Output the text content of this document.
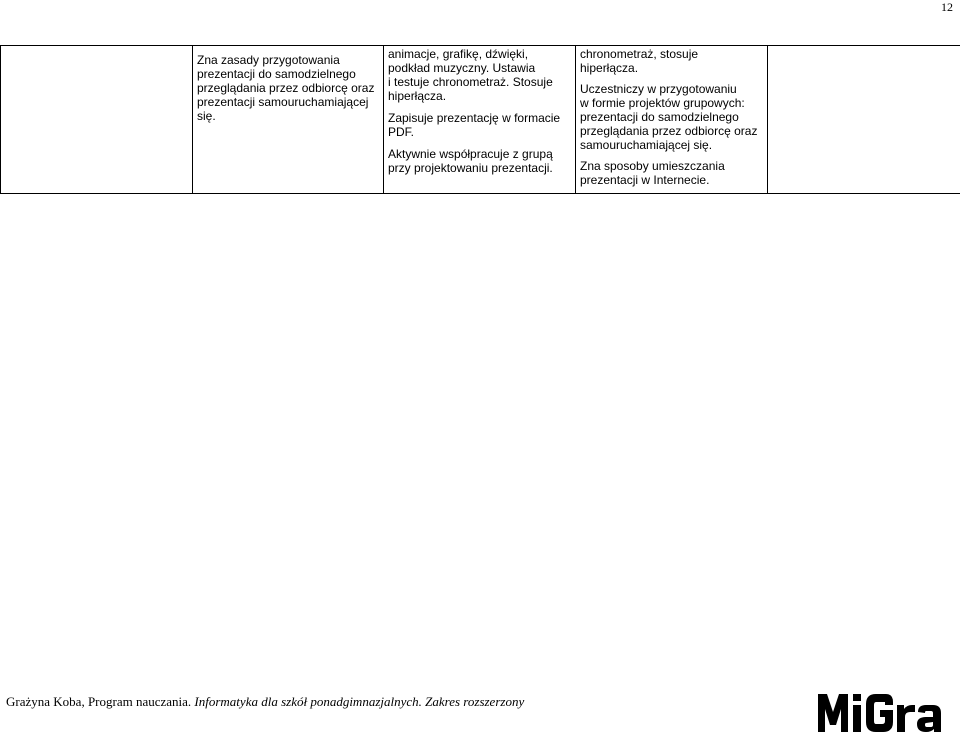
12

Zna zasady przygotowania
prezentacji do samodzielnego
przeglądania przez odbiorcę oraz
prezentacji samouruchamiającej
się.

animacje, grafikę, dźwięki,
podkład muzyczny. Ustawia
i testuje chronometraż. Stosuje
hiperłącza.
Zapisuje prezentację w formacie
PDF.
Aktywnie współpracuje z grupą
przy projektowaniu prezentacji.

chronometraż, stosuje
hiperłącza.
Uczestniczy w przygotowaniu
w formie projektów grupowych:
prezentacji do samodzielnego
przeglądania przez odbiorcę oraz
samouruchamiającej się.
Zna sposoby umieszczania
prezentacji w Internecie.

Grażyna Koba, Program nauczania. Informatyka dla szkół ponadgimnazjalnych. Zakres rozszerzony
